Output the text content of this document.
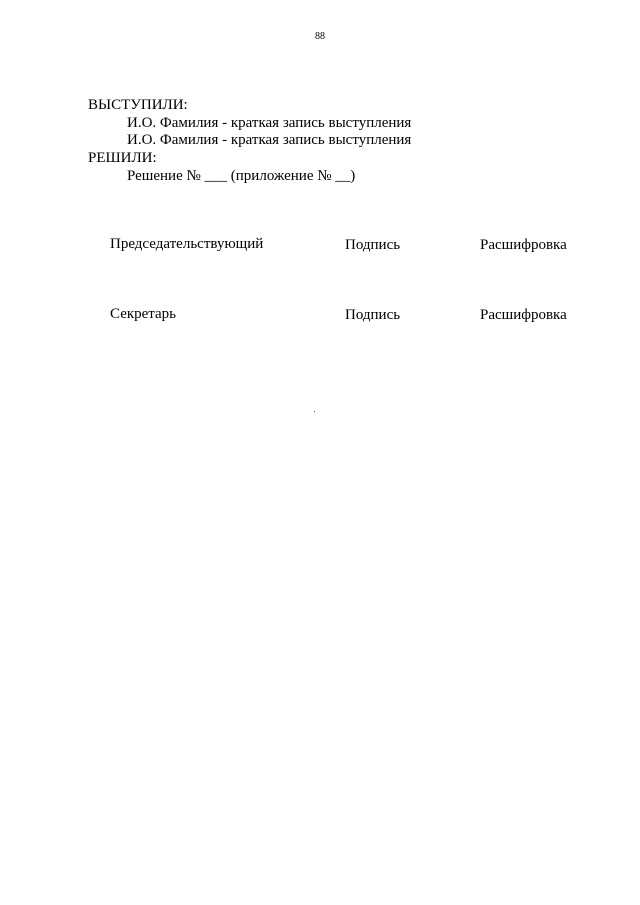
88
ВЫСТУПИЛИ:
И.О. Фамилия - краткая запись выступления
И.О. Фамилия - краткая запись выступления
РЕШИЛИ:
Решение № ___ (приложение № __)
Председательствующий	Подпись	Расшифровка
Секретарь	Подпись	Расшифровка
